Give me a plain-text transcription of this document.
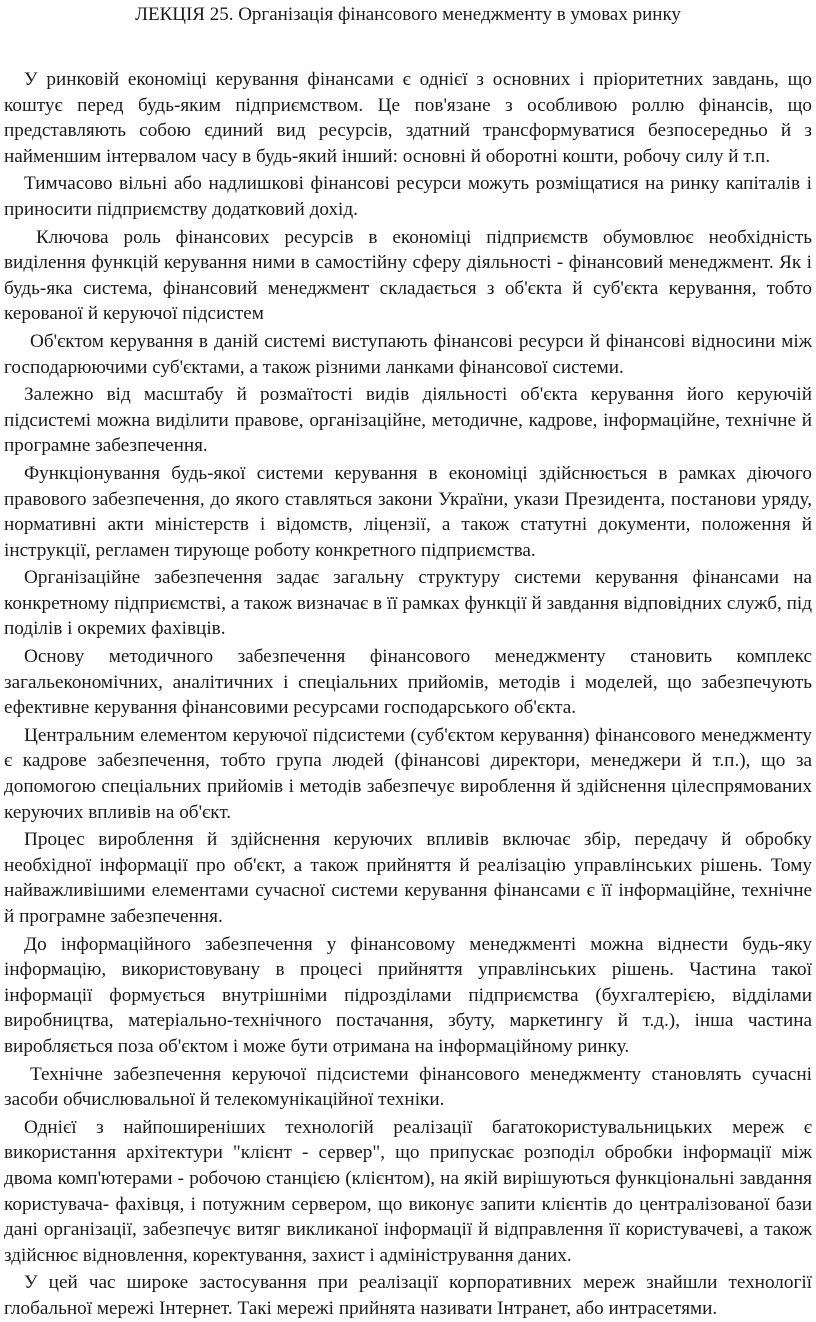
ЛЕКЦІЯ 25. Організація фінансового менеджменту в умовах ринку

У ринковій економіці керування фінансами є однієї з основних і пріоритетних завдань, що коштує перед будь-яким підприємством. Це пов'язане з особливою роллю фінансів, що представляють собою єдиний вид ресурсів, здатний трансформуватися безпосередньо й з найменшим інтервалом часу в будь-який інший: основні й оборотні кошти, робочу силу й т.п.

Тимчасово вільні або надлишкові фінансові ресурси можуть розміщатися на ринку капіталів і приносити підприємству додатковий дохід.

Ключова роль фінансових ресурсів в економіці підприємств обумовлює необхідність виділення функцій керування ними в самостійну сферу діяльності - фінансовий менеджмент. Як і будь-яка система, фінансовий менеджмент складається з об'єкта й суб'єкта керування, тобто керованої й керуючої підсистем

Об'єктом керування в даній системі виступають фінансові ресурси й фінансові відносини між господарюючими суб'єктами, а також різними ланками фінансової системи.

Залежно від масштабу й розмаїтості видів діяльності об'єкта керування його керуючій підсистемі можна виділити правове, організаційне, методичне, кадрове, інформаційне, технічне й програмне забезпечення.

Функціонування будь-якої системи керування в економіці здійснюється в рамках діючого правового забезпечення, до якого ставляться закони України, укази Президента, постанови уряду, нормативні акти міністерств і відомств, ліцензії, а також статутні документи, положення й інструкції, регламен тирующе роботу конкретного підприємства.

Організаційне забезпечення задає загальну структуру системи керування фінансами на конкретному підприємстві, а також визначає в її рамках функції й завдання відповідних служб, під поділів і окремих фахівців.

Основу методичного забезпечення фінансового менеджменту становить комплекс загальекономічних, аналітичних і спеціальних прийомів, методів і моделей, що забезпечують ефективне керування фінансовими ресурсами господарського об'єкта.

Центральним елементом керуючої підсистеми (суб'єктом керування) фінансового менеджменту є кадрове забезпечення, тобто група людей (фінансові директори, менеджери й т.п.), що за допомогою спеціальних прийомів і методів забезпечує вироблення й здійснення цілеспрямованих керуючих впливів на об'єкт.

Процес вироблення й здійснення керуючих впливів включає збір, передачу й обробку необхідної інформації про об'єкт, а також прийняття й реалізацію управлінських рішень. Тому найважливішими елементами сучасної системи керування фінансами є її інформаційне, технічне й програмне забезпечення.

До інформаційного забезпечення у фінансовому менеджменті можна віднести будь-яку інформацію, використовувану в процесі прийняття управлінських рішень. Частина такої інформації формується внутрішніми підрозділами підприємства (бухгалтерією, відділами виробництва, матеріально-технічного постачання, збуту, маркетингу й т.д.), інша частина виробляється поза об'єктом і може бути отримана на інформаційному ринку.

Технічне забезпечення керуючої підсистеми фінансового менеджменту становлять сучасні засоби обчислювальної й телекомунікаційної техніки.

Однієї з найпоширеніших технологій реалізації багатокористувальницьких мереж є використання архітектури "клієнт - сервер", що припускає розподіл обробки інформації між двома комп'ютерами - робочою станцією (клієнтом), на якій вирішуються функціональні завдання користувача- фахівця, і потужним сервером, що виконує запити клієнтів до централізованої бази дані організації, забезпечує витяг викликаної інформації й відправлення її користувачеві, а також здійснює відновлення, коректування, захист і адміністрування даних.

У цей час широке застосування при реалізації корпоративних мереж знайшли технології глобальної мережі Інтернет. Такі мережі прийнята називати Інтранет, або интрасетями.
